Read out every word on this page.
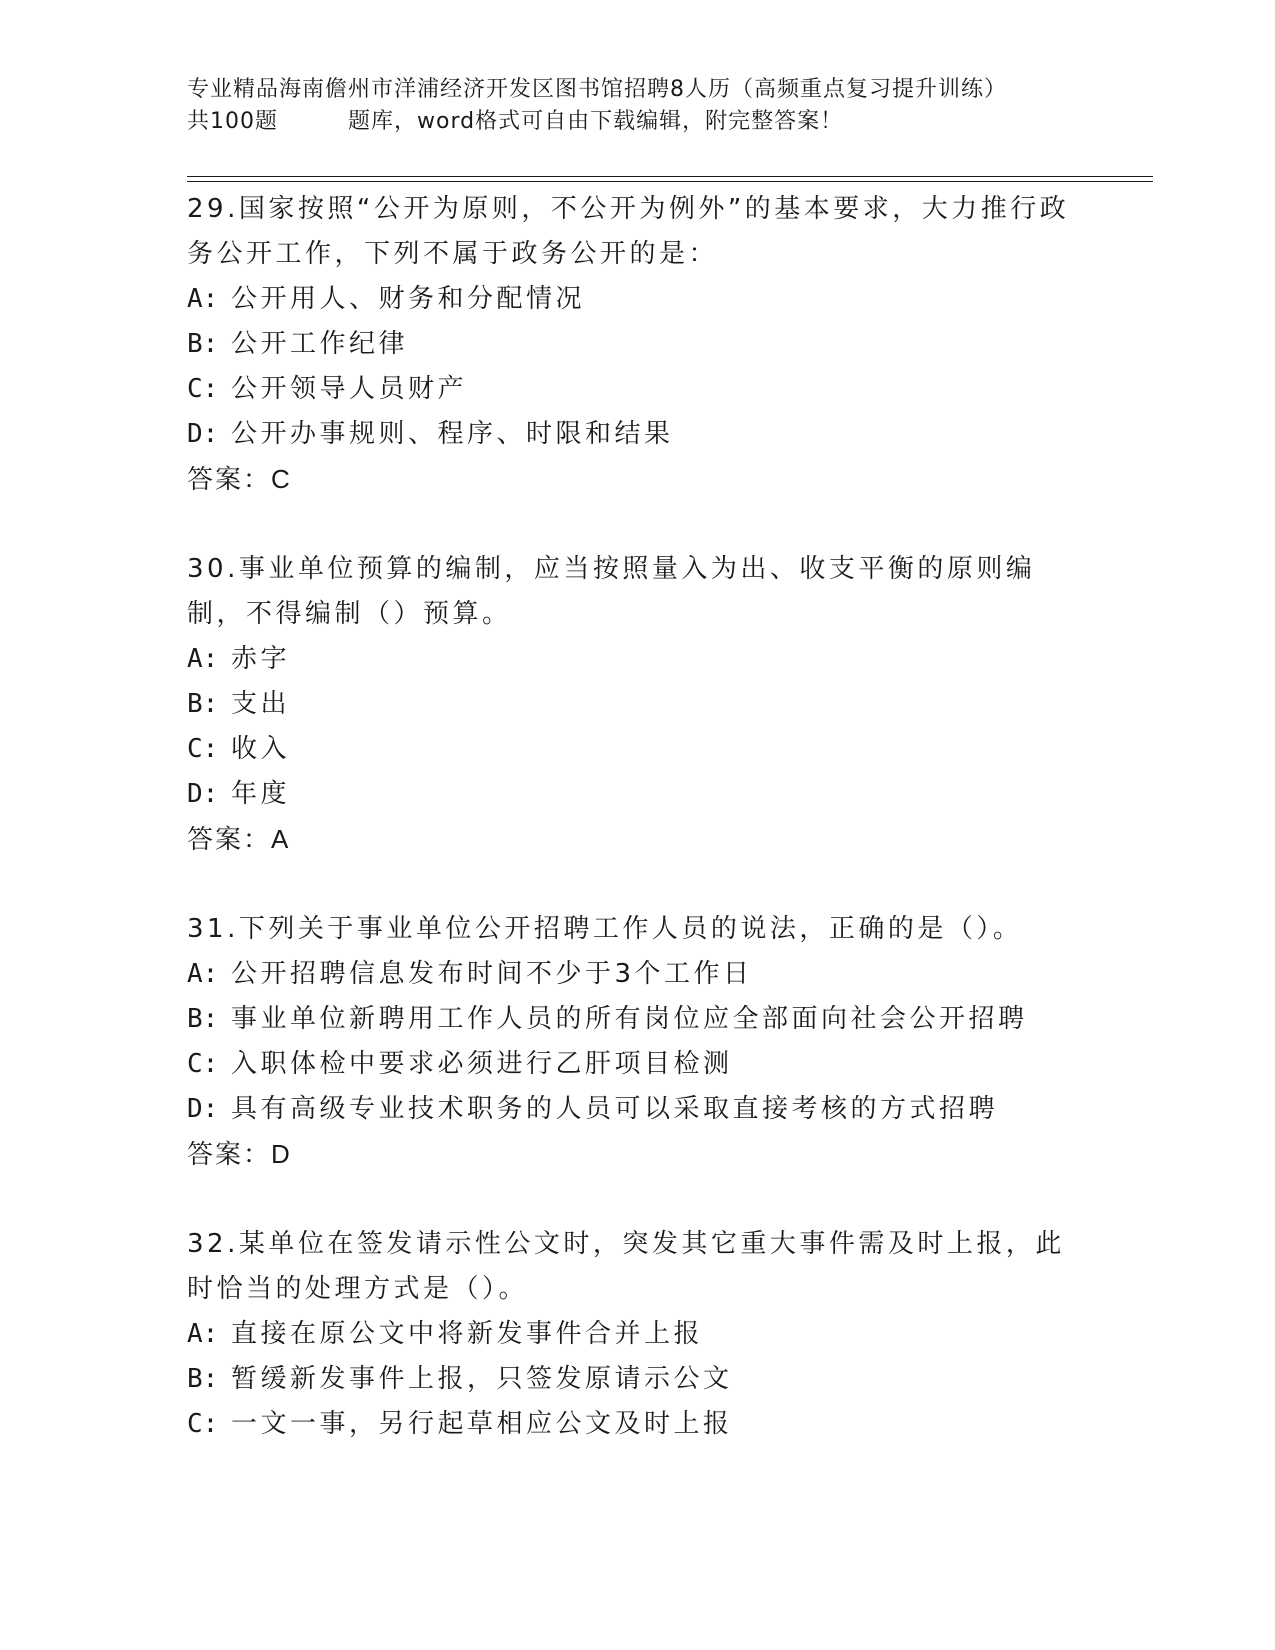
专业精品海南儋州市洋浦经济开发区图书馆招聘8人历（高频重点复习提升训练）
共100题	题库，word格式可自由下载编辑，附完整答案！

29.国家按照“公开为原则，不公开为例外”的基本要求，大力推行政务公开工作，下列不属于政务公开的是：

A: 公开用人、财务和分配情况

B: 公开工作纪律

C: 公开领导人员财产

D: 公开办事规则、程序、时限和结果

答案：C

30.事业单位预算的编制，应当按照量入为出、收支平衡的原则编制，不得编制（）预算。

A: 赤字

B: 支出

C: 收入

D: 年度

答案：A

31.下列关于事业单位公开招聘工作人员的说法，正确的是（）。

A: 公开招聘信息发布时间不少于3个工作日

B: 事业单位新聘用工作人员的所有岗位应全部面向社会公开招聘

C: 入职体检中要求必须进行乙肝项目检测

D: 具有高级专业技术职务的人员可以采取直接考核的方式招聘

答案：D

32.某单位在签发请示性公文时，突发其它重大事件需及时上报，此时恰当的处理方式是（）。

A: 直接在原公文中将新发事件合并上报

B: 暂缓新发事件上报，只签发原请示公文

C: 一文一事，另行起草相应公文及时上报
